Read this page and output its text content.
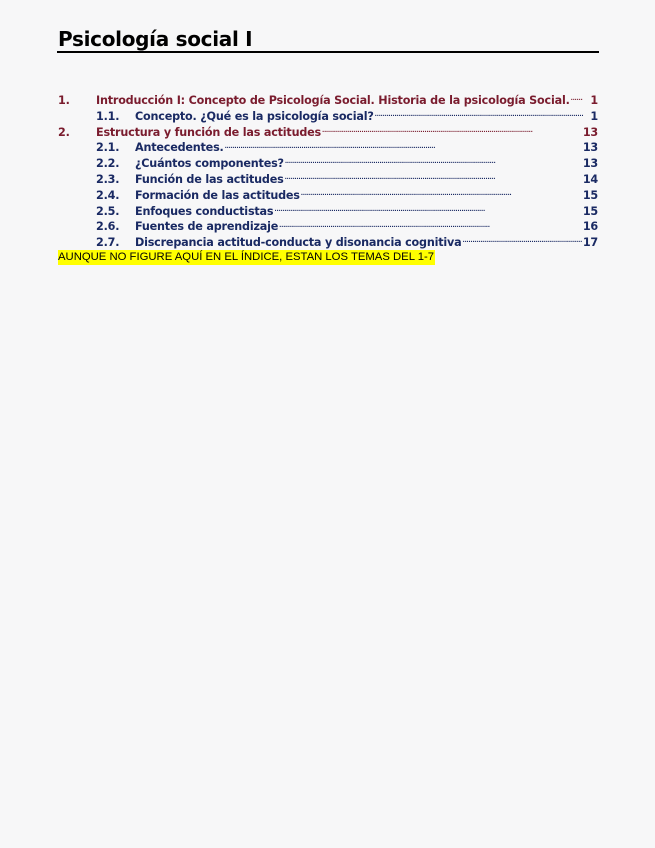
Psicología social I
1.	Introducción I: Concepto de Psicología Social. Historia de la psicología Social. . . .	1
1.1.	Concepto. ¿Qué es la psicología social? . . .	1
2.	Estructura y función de las actitudes . . .	13
2.1.	Antecedentes. . . .	13
2.2.	¿Cuántos componentes? . . .	13
2.3.	Función de las actitudes . . .	14
2.4.	Formación de las actitudes . . .	15
2.5.	Enfoques conductistas . . .	15
2.6.	Fuentes de aprendizaje . . .	16
2.7.	Discrepancia actitud-conducta y disonancia cognitiva . . .	17
AUNQUE NO FIGURE AQUÍ EN EL ÍNDICE, ESTAN LOS TEMAS DEL 1-7
